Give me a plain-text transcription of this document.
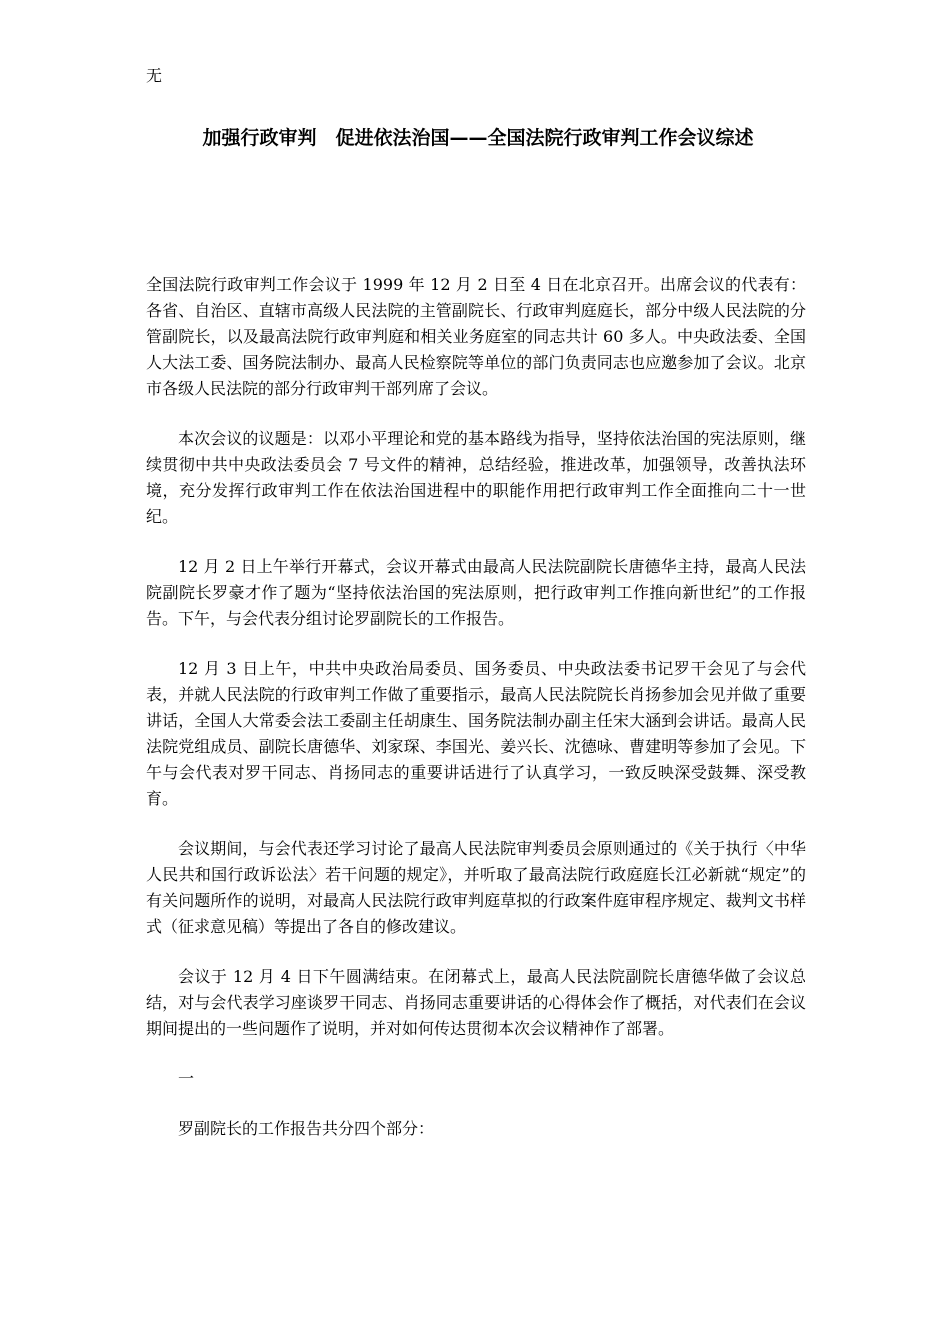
无
加强行政审判　促进依法治国——全国法院行政审判工作会议综述

全国法院行政审判工作会议于 1999 年 12 月 2 日至 4 日在北京召开。出席会议的代表有：各省、自治区、直辖市高级人民法院的主管副院长、行政审判庭庭长，部分中级人民法院的分管副院长，以及最高法院行政审判庭和相关业务庭室的同志共计 60 多人。中央政法委、全国人大法工委、国务院法制办、最高人民检察院等单位的部门负责同志也应邀参加了会议。北京市各级人民法院的部分行政审判干部列席了会议。

本次会议的议题是：以邓小平理论和党的基本路线为指导，坚持依法治国的宪法原则，继续贯彻中共中央政法委员会 7 号文件的精神，总结经验，推进改革，加强领导，改善执法环境，充分发挥行政审判工作在依法治国进程中的职能作用把行政审判工作全面推向二十一世纪。

12 月 2 日上午举行开幕式，会议开幕式由最高人民法院副院长唐德华主持，最高人民法院副院长罗豪才作了题为“坚持依法治国的宪法原则，把行政审判工作推向新世纪”的工作报告。下午，与会代表分组讨论罗副院长的工作报告。

12 月 3 日上午，中共中央政治局委员、国务委员、中央政法委书记罗干会见了与会代表，并就人民法院的行政审判工作做了重要指示，最高人民法院院长肖扬参加会见并做了重要讲话，全国人大常委会法工委副主任胡康生、国务院法制办副主任宋大涵到会讲话。最高人民法院党组成员、副院长唐德华、刘家琛、李国光、姜兴长、沈德咏、曹建明等参加了会见。下午与会代表对罗干同志、肖扬同志的重要讲话进行了认真学习，一致反映深受鼓舞、深受教育。

会议期间，与会代表还学习讨论了最高人民法院审判委员会原则通过的《关于执行〈中华人民共和国行政诉讼法〉若干问题的规定》，并听取了最高法院行政庭庭长江必新就“规定”的有关问题所作的说明，对最高人民法院行政审判庭草拟的行政案件庭审程序规定、裁判文书样式（征求意见稿）等提出了各自的修改建议。

会议于 12 月 4 日下午圆满结束。在闭幕式上，最高人民法院副院长唐德华做了会议总结，对与会代表学习座谈罗干同志、肖扬同志重要讲话的心得体会作了概括，对代表们在会议期间提出的一些问题作了说明，并对如何传达贯彻本次会议精神作了部署。

一

罗副院长的工作报告共分四个部分：
